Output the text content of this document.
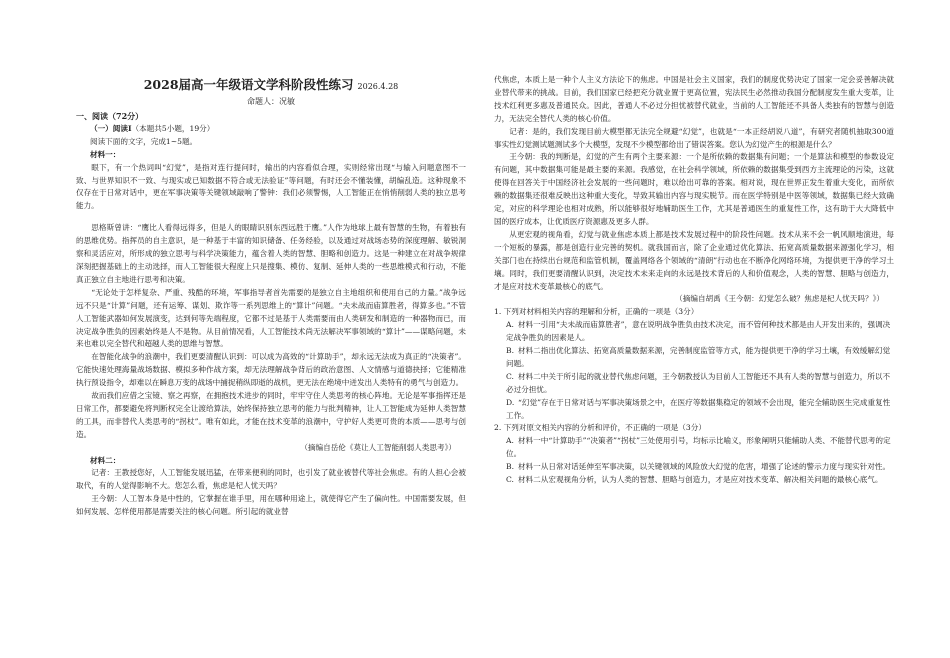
2028届高一年级语文学科阶段性练习 2026.4.28
命题人：况敏
一、阅读（72分）
（一）阅读Ⅰ（本题共5小题，19分）
阅读下面的文字，完成1~5题。
材料一：

眼下，有一个热词叫“幻觉”，是指对连行提问时，输出的内容看似合理，实则经常出现“与输入问题意图不一致、与世界知识不一致、与现实或已知数据不符合或无法验证”等问题，有时还会不懂装懂，胡编乱造。这种现象不仅存在于日常对话中，更在军事决策等关键领域敲响了警钟：我们必须警惕，人工智能正在悄悄削弱人类的独立思考能力。

思格斯曾讲：“鹰比人看得远得多，但是人的眼睛识别东西远胜于鹰。”人作为地球上最有智慧的生物，有着独有的思维优势。指挥员的自主意识，是一种基于丰富的知识储备、任务经验，以及通过对战场态势的深度理解、敏锐洞察和灵活应对，所形成的独立思考与科学决策能力，蕴含着人类的智慧、胆略和创造力。这是一种建立在对战争规律深刻把握基础上的主动选择，而人工智能很大程度上只是搜集、模仿、复制、延伸人类的一些思维模式和行动，不能真正独立自主地进行思考和决策。

“无论处于怎样复杂、严重、残酷的环境，军事指导者首先需要的是独立自主地组织和使用自己的力量。”战争远远不只是“计算”问题，还有运筹、谋划、欺诈等一系列思维上的“算计”问题。“夫未战而庙算胜者，得算多也。”不管人工智能武器如何发展演变，达到何等先端程度，它都不过是基于人类需要而由人类研发和制造的一种器物而已，而决定战争胜负的因素始终是人不是物。从目前情况看，人工智能技术尚无法解决军事领域的“算计”——谋略问题，未来也难以完全替代和超越人类的思维与智慧。

在智能化战争的浪潮中，我们更要清醒认识到：可以成为高效的“计算助手”，却永远无法成为真正的“决策者”。它能快速处理海量战场数据、模拟多种作战方案，却无法理解战争背后的政治意图、人文情感与道德抉择；它能精准执行预设指令，却难以在瞬息万变的战场中捕捉稍纵即逝的战机，更无法在绝境中迸发出人类特有的勇气与创造力。

故而我们应借之宝镜、察之再察，在拥抱技术进步的同时，牢牢守住人类思考的核心阵地。无论是军事指挥还是日常工作，都要避免将判断权完全让渡给算法，始终保持独立思考的能力与批判精神，让人工智能成为延伸人类智慧的工具，而非替代人类思考的“拐杖”。唯有如此，才能在技术变革的浪潮中，守护好人类更可贵的本质——思考与创造。

（摘编自岳伦《莫让人工智能削弱人类思考》）
材料二：

记者：王教授您好，人工智能发展迅猛，在带来便利的同时，也引发了就业被替代等社会焦虑。有的人担心会被取代，有的人觉得影响不大。您怎么看，焦虑是杞人忧天吗？

王今朝：人工智本身是中性的，它掌握在谁手里，用在哪种用途上，就使得它产生了偏向性。中国需要发展，但如何发展、怎样使用都是需要关注的核心问题。所引起的就业替

代焦虑，本质上是一种个人主义方法论下的焦虑。中国是社会主义国家，我们的制度优势决定了国家一定会妥善解决就业替代带来的挑战。目前，我们国家已经把充分就业置于更高位置，宪法民生必然推动我国分配制度发生重大变革，让技术红利更多惠及普通民众。因此，普通人不必过分担忧被替代就业，当前的人工智能还不具备人类独有的智慧与创造力，无法完全替代人类的核心价值。

记者：是的，我们发现目前大模型都无法完全规避“幻觉”，也就是“一本正经胡说八道”，有研究者随机抽取300道事实性幻觉测试题测试多个大模型，发现不少模型都给出了错误答案。您认为幻觉产生的根源是什么？

王今朝：我的判断是，幻觉的产生有两个主要来源：一个是所依赖的数据集有问题；一个是算法和模型的参数设定有问题，其中数据集可能是最主要的来源。我感觉，在社会科学领域，所依赖的数据集受到西方主流理论的污染，这就使得在回答关于中国经济社会发展的一些问题时，难以给出可靠的答案。相对说，现在世界正发生着重大变化，而所依赖的数据集还很难反映出这种重大变化，导致其输出内容与现实脱节。而在医学特别是中医等领域，数据集已经大致确定，对应的科学理论也相对成熟，所以能够很好地辅助医生工作，尤其是普通医生的重复性工作，这有助于大大降低中国的医疗成本，让优质医疗资源惠及更多人群。

从更宏观的视角看，幻觉与就业焦虑本质上都是技术发展过程中的阶段性问题。技术从来不会一帆风顺地演进，每一个短板的暴露，都是创造行业完善的契机。就我国而言，除了企业通过优化算法、拓宽高质量数据来源强化学习，相关部门也在持续出台规范和监管机制，覆盖网络各个领域的“清朗”行动也在不断净化网络环境，为提供更干净的学习土壤。同时，我们更要清醒认识到，决定技术未来走向的永远是技术背后的人和价值观念，人类的智慧、胆略与创造力，才是应对技术变革最核心的底气。

（摘编自胡禹《王今朝：幻觉怎么破？焦虑是杞人忧天吗？》）
1. 下列对材料相关内容的理解和分析，正确的一项是（3分）
A. 材料一引用“夫未战而庙算胜者”，意在说明战争胜负由技术决定，而不管何种技术都是由人开发出来的，强调决定战争胜负的因素是人。
B. 材料二指出优化算法、拓宽高质量数据来源，完善制度监管等方式，能为提供更干净的学习土壤，有效缓解幻觉问题。
C. 材料二中关于所引起的就业替代焦虑问题，王今朝教授认为目前人工智能还不具有人类的智慧与创造力，所以不必过分担忧。
D. “幻觉”存在于日常对话与军事决策场景之中，在医疗等数据集稳定的领域不会出现，能完全辅助医生完成重复性工作。
2. 下列对原文相关内容的分析和评价，不正确的一项是（3分）
A. 材料一中“计算助手”“决策者”“拐杖”三处使用引号，均标示比喻义，形象阐明只能辅助人类、不能替代思考的定位。
B. 材料一从日常对话延伸至军事决策，以关键领域的风险放大幻觉的危害，增强了论述的警示力度与现实针对性。
C. 材料二从宏观视角分析，认为人类的智慧、胆略与创造力，才是应对技术变革、解决相关问题的最核心底气。
